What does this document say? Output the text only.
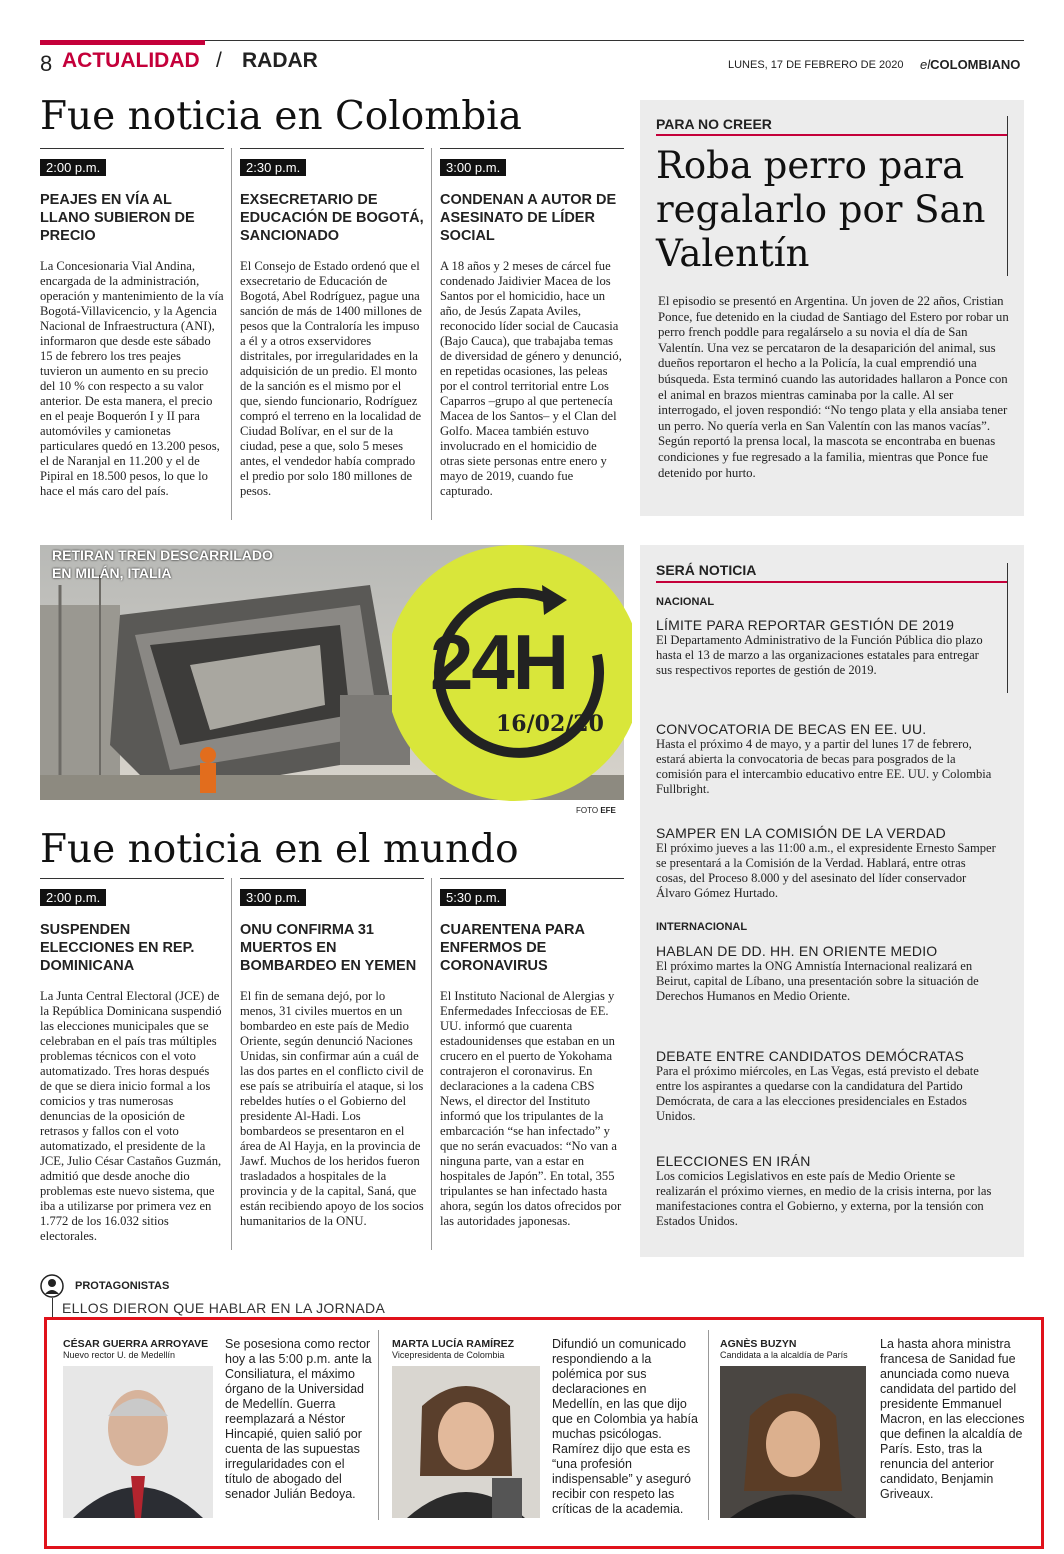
8 ACTUALIDAD / RADAR	LUNES, 17 DE FEBRERO DE 2020 elCOLOMBIANO
Fue noticia en Colombia
2:00 p.m.
PEAJES EN VÍA AL LLANO SUBIERON DE PRECIO
La Concesionaria Vial Andina, encargada de la administración, operación y mantenimiento de la vía Bogotá-Villavicencio, y la Agencia Nacional de Infraestructura (ANI), informaron que desde este sábado 15 de febrero los tres peajes tuvieron un aumento en su precio del 10 % con respecto a su valor anterior. De esta manera, el precio en el peaje Boquerón I y II para automóviles y camionetas particulares quedó en 13.200 pesos, el de Naranjal en 11.200 y el de Pipiral en 18.500 pesos, lo que lo hace el más caro del país.
2:30 p.m.
EXSECRETARIO DE EDUCACIÓN DE BOGOTÁ, SANCIONADO
El Consejo de Estado ordenó que el exsecretario de Educación de Bogotá, Abel Rodríguez, pague una sanción de más de 1400 millones de pesos que la Contraloría les impuso a él y a otros exservidores distritales, por irregularidades en la adquisición de un predio. El monto de la sanción es el mismo por el que, siendo funcionario, Rodríguez compró el terreno en la localidad de Ciudad Bolívar, en el sur de la ciudad, pese a que, solo 5 meses antes, el vendedor había comprado el predio por solo 180 millones de pesos.
3:00 p.m.
CONDENAN A AUTOR DE ASESINATO DE LÍDER SOCIAL
A 18 años y 2 meses de cárcel fue condenado Jaidivier Macea de los Santos por el homicidio, hace un año, de Jesús Zapata Aviles, reconocido líder social de Caucasia (Bajo Cauca), que trabajaba temas de diversidad de género y denunció, en repetidas ocasiones, las peleas por el control territorial entre Los Caparros –grupo al que pertenecía Macea de los Santos– y el Clan del Golfo. Macea también estuvo involucrado en el homicidio de otras siete personas entre enero y mayo de 2019, cuando fue capturado.
PARA NO CREER
Roba perro para regalarlo por San Valentín
El episodio se presentó en Argentina. Un joven de 22 años, Cristian Ponce, fue detenido en la ciudad de Santiago del Estero por robar un perro french poddle para regalárselo a su novia el día de San Valentín. Una vez se percataron de la desaparición del animal, sus dueños reportaron el hecho a la Policía, la cual emprendió una búsqueda. Esta terminó cuando las autoridades hallaron a Ponce con el animal en brazos mientras caminaba por la calle. Al ser interrogado, el joven respondió: “No tengo plata y ella ansiaba tener un perro. No quería verla en San Valentín con las manos vacías”. Según reportó la prensa local, la mascota se encontraba en buenas condiciones y fue regresado a la familia, mientras que Ponce fue detenido por hurto.
RETIRAN TREN DESCARRILADO
EN MILÁN, ITALIA
24H
16/02/20
FOTO EFE
Fue noticia en el mundo
2:00 p.m.
SUSPENDEN ELECCIONES EN REP. DOMINICANA
La Junta Central Electoral (JCE) de la República Dominicana suspendió las elecciones municipales que se celebraban en el país tras múltiples problemas técnicos con el voto automatizado. Tres horas después de que se diera inicio formal a los comicios y tras numerosas denuncias de la oposición de retrasos y fallos con el voto automatizado, el presidente de la JCE, Julio César Castaños Guzmán, admitió que desde anoche dio problemas este nuevo sistema, que iba a utilizarse por primera vez en 1.772 de los 16.032 sitios electorales.
3:00 p.m.
ONU CONFIRMA 31 MUERTOS EN BOMBARDEO EN YEMEN
El fin de semana dejó, por lo menos, 31 civiles muertos en un bombardeo en este país de Medio Oriente, según denunció Naciones Unidas, sin confirmar aún a cuál de las dos partes en el conflicto civil de ese país se atribuiría el ataque, si los rebeldes hutíes o el Gobierno del presidente Al-Hadi. Los bombardeos se presentaron en el área de Al Hayja, en la provincia de Jawf. Muchos de los heridos fueron trasladados a hospitales de la provincia y de la capital, Saná, que están recibiendo apoyo de los socios humanitarios de la ONU.
5:30 p.m.
CUARENTENA PARA ENFERMOS DE CORONAVIRUS
El Instituto Nacional de Alergias y Enfermedades Infecciosas de EE. UU. informó que cuarenta estadounidenses que estaban en un crucero en el puerto de Yokohama contrajeron el coronavirus. En declaraciones a la cadena CBS News, el director del Instituto informó que los tripulantes de la embarcación “se han infectado” y que no serán evacuados: “No van a ninguna parte, van a estar en hospitales de Japón”. En total, 355 tripulantes se han infectado hasta ahora, según los datos ofrecidos por las autoridades japonesas.
SERÁ NOTICIA
NACIONAL
LÍMITE PARA REPORTAR GESTIÓN DE 2019
El Departamento Administrativo de la Función Pública dio plazo hasta el 13 de marzo a las organizaciones estatales para entregar sus respectivos reportes de gestión de 2019.
CONVOCATORIA DE BECAS EN EE. UU.
Hasta el próximo 4 de mayo, y a partir del lunes 17 de febrero, estará abierta la convocatoria de becas para posgrados de la comisión para el intercambio educativo entre EE. UU. y Colombia Fullbright.
SAMPER EN LA COMISIÓN DE LA VERDAD
El próximo jueves a las 11:00 a.m., el expresidente Ernesto Samper se presentará a la Comisión de la Verdad. Hablará, entre otras cosas, del Proceso 8.000 y del asesinato del líder conservador Álvaro Gómez Hurtado.
INTERNACIONAL
HABLAN DE DD. HH. EN ORIENTE MEDIO
El próximo martes la ONG Amnistía Internacional realizará en Beirut, capital de Líbano, una presentación sobre la situación de Derechos Humanos en Medio Oriente.
DEBATE ENTRE CANDIDATOS DEMÓCRATAS
Para el próximo miércoles, en Las Vegas, está previsto el debate entre los aspirantes a quedarse con la candidatura del Partido Demócrata, de cara a las elecciones presidenciales en Estados Unidos.
ELECCIONES EN IRÁN
Los comicios Legislativos en este país de Medio Oriente se realizarán el próximo viernes, en medio de la crisis interna, por las manifestaciones contra el Gobierno, y externa, por la tensión con Estados Unidos.
PROTAGONISTAS
ELLOS DIERON QUE HABLAR EN LA JORNADA
CÉSAR GUERRA ARROYAVE
Nuevo rector U. de Medellín
Se posesiona como rector hoy a las 5:00 p.m. ante la Consiliatura, el máximo órgano de la Universidad de Medellín. Guerra reemplazará a Néstor Hincapié, quien salió por cuenta de las supuestas irregularidades con el título de abogado del senador Julián Bedoya.
MARTA LUCÍA RAMÍREZ
Vicepresidenta de Colombia
Difundió un comunicado respondiendo a la polémica por sus declaraciones en Medellín, en las que dijo que en Colombia ya había muchas psicólogas. Ramírez dijo que esta es “una profesión indispensable” y aseguró recibir con respeto las críticas de la academia.
AGNÈS BUZYN
Candidata a la alcaldía de París
La hasta ahora ministra francesa de Sanidad fue anunciada como nueva candidata del partido del presidente Emmanuel Macron, en las elecciones que definen la alcaldía de París. Esto, tras la renuncia del anterior candidato, Benjamin Griveaux.
